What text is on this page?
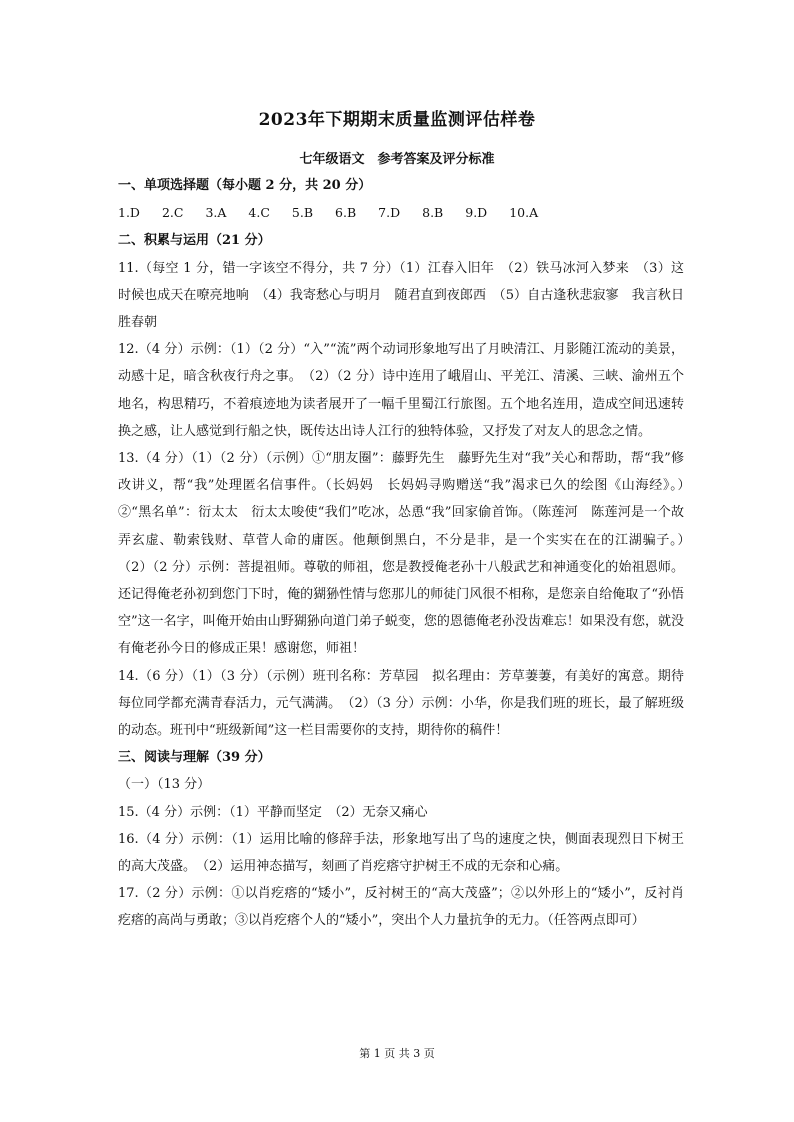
2023年下期期末质量监测评估样卷
七年级语文　参考答案及评分标准

一、单项选择题（每小题 2 分，共 20 分）

1.D 2.C 3.A 4.C 5.B 6.B 7.D 8.B 9.D 10.A

二、积累与运用（21 分）

11.（每空 1 分，错一字该空不得分，共 7 分）（1）江春入旧年　（2）铁马冰河入梦来　（3）这时候也成天在嘹亮地响　（4）我寄愁心与明月　随君直到夜郎西　（5）自古逢秋悲寂寥　我言秋日胜春朝

12.（4 分）示例：（1）（2 分）“入”“流”两个动词形象地写出了月映清江、月影随江流动的美景，动感十足，暗含秋夜行舟之事。　（2）（2 分）诗中连用了峨眉山、平羌江、清溪、三峡、渝州五个地名，构思精巧，不着痕迹地为读者展开了一幅千里蜀江行旅图。五个地名连用，造成空间迅速转换之感，让人感觉到行船之快，既传达出诗人江行的独特体验，又抒发了对友人的思念之情。

13.（4 分）（1）（2 分）（示例）①“朋友圈”：藤野先生　藤野先生对“我”关心和帮助，帮“我”修改讲义，帮“我”处理匿名信事件。（长妈妈　长妈妈寻购赠送“我”渴求已久的绘图《山海经》。）　②“黑名单”：衍太太　衍太太唆使“我们”吃冰，怂恿“我”回家偷首饰。（陈莲河　陈莲河是一个故弄玄虚、勒索钱财、草菅人命的庸医。他颠倒黑白，不分是非，是一个实实在在的江湖骗子。）　（2）（2 分）示例：菩提祖师。尊敬的师祖，您是教授俺老孙十八般武艺和神通变化的始祖恩师。还记得俺老孙初到您门下时，俺的猢狲性情与您那儿的师徒门风很不相称，是您亲自给俺取了“孙悟空”这一名字，叫俺开始由山野猢狲向道门弟子蜕变，您的恩德俺老孙没齿难忘！如果没有您，就没有俺老孙今日的修成正果！感谢您，师祖！

14.（6 分）（1）（3 分）（示例）班刊名称：芳草园　拟名理由：芳草萋萋，有美好的寓意。期待每位同学都充满青春活力，元气满满。　（2）（3 分）示例：小华，你是我们班的班长，最了解班级的动态。班刊中“班级新闻”这一栏目需要你的支持，期待你的稿件！

三、阅读与理解（39 分）

（一）（13 分）

15.（4 分）示例：（1）平静而坚定　（2）无奈又痛心

16.（4 分）示例：（1）运用比喻的修辞手法，形象地写出了鸟的速度之快，侧面表现烈日下树王的高大茂盛。　（2）运用神态描写，刻画了肖疙瘩守护树王不成的无奈和心痛。

17.（2 分）示例：①以肖疙瘩的“矮小”，反衬树王的“高大茂盛”；②以外形上的“矮小”，反衬肖疙瘩的高尚与勇敢；③以肖疙瘩个人的“矮小”，突出个人力量抗争的无力。（任答两点即可）

第 1 页 共 3 页
